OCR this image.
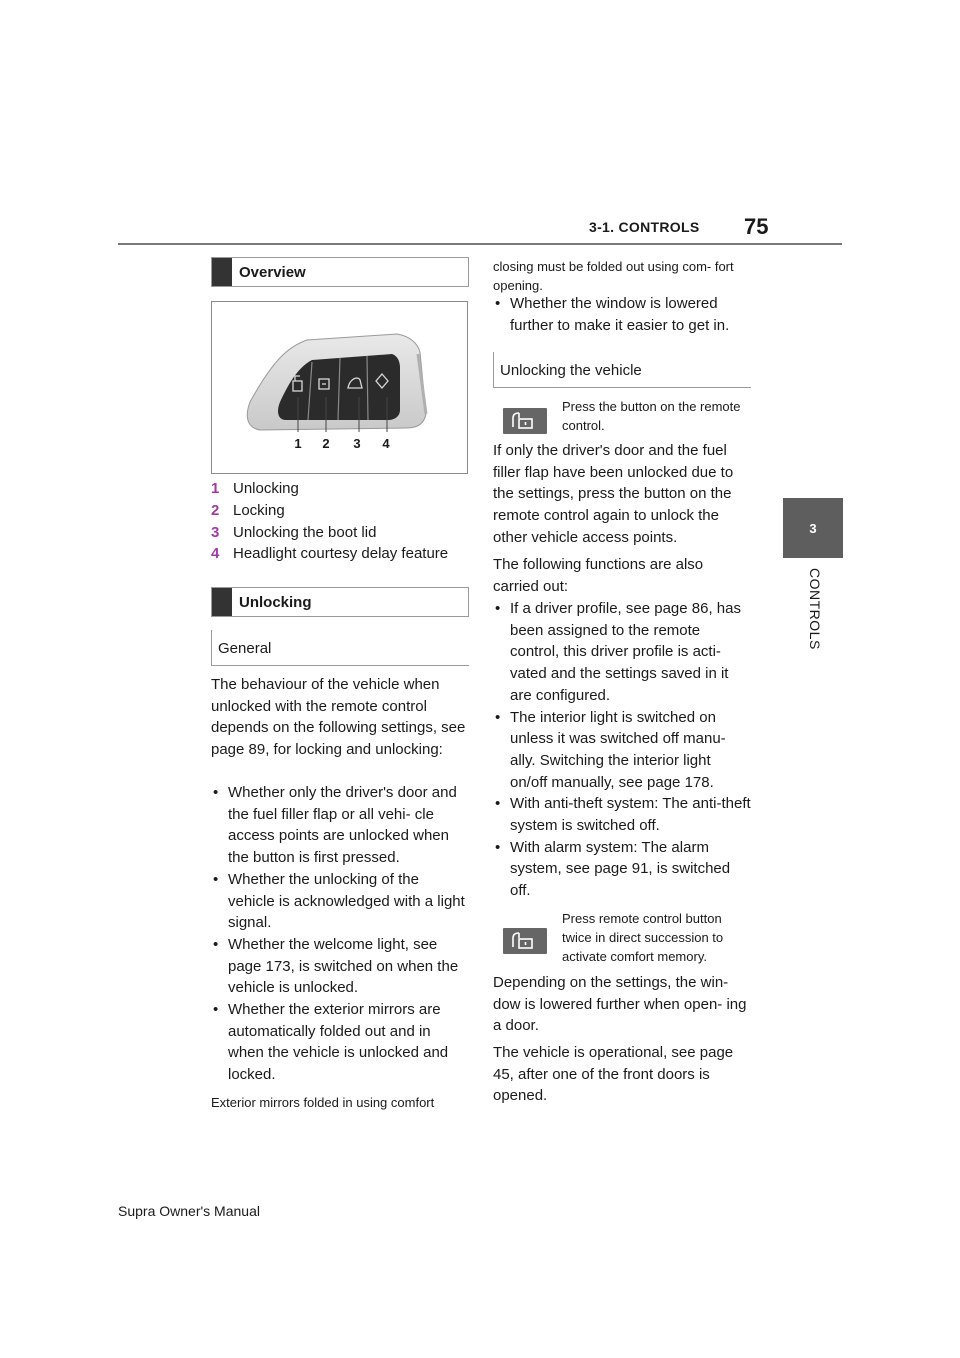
3-1. CONTROLS 75
3
CONTROLS
Overview
1 2 3 4
1 Unlocking
2 Locking
3 Unlocking the boot lid
4 Headlight courtesy delay feature
Unlocking
General
The behaviour of the vehicle when unlocked with the remote control depends on the following settings, see page 89, for locking and unlocking:
• Whether only the driver's door and the fuel filler flap or all vehi- cle access points are unlocked when the button is first pressed.
• Whether the unlocking of the vehicle is acknowledged with a light signal.
• Whether the welcome light, see page 173, is switched on when the vehicle is unlocked.
• Whether the exterior mirrors are automatically folded out and in when the vehicle is unlocked and locked.
Exterior mirrors folded in using comfort
closing must be folded out using com- fort opening.
• Whether the window is lowered further to make it easier to get in.
Unlocking the vehicle
Press the button on the remote control.
If only the driver's door and the fuel filler flap have been unlocked due to the settings, press the button on the remote control again to unlock the other vehicle access points.
The following functions are also carried out:
• If a driver profile, see page 86, has been assigned to the remote control, this driver profile is acti- vated and the settings saved in it are configured.
• The interior light is switched on unless it was switched off manu- ally. Switching the interior light on/off manually, see page 178.
• With anti-theft system: The anti-theft system is switched off.
• With alarm system: The alarm system, see page 91, is switched off.
Press remote control button twice in direct succession to activate comfort memory.
Depending on the settings, the win- dow is lowered further when open- ing a door.
The vehicle is operational, see page 45, after one of the front doors is opened.
Supra Owner's Manual
